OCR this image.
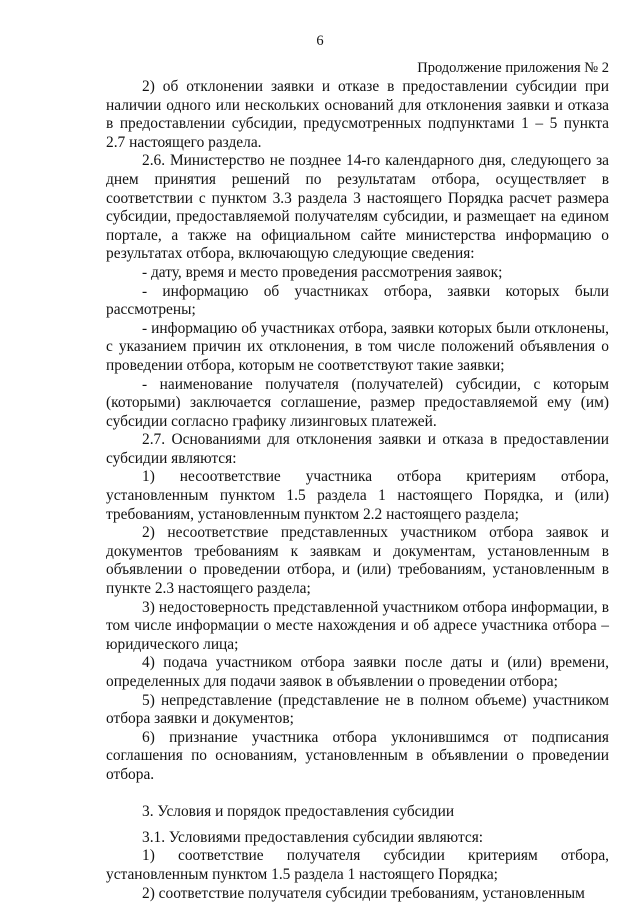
6
Продолжение приложения № 2

2) об отклонении заявки и отказе в предоставлении субсидии при наличии одного или нескольких оснований для отклонения заявки и отказа в предоставлении субсидии, предусмотренных подпунктами 1 – 5 пункта 2.7 настоящего раздела.

2.6. Министерство не позднее 14-го календарного дня, следующего за днем принятия решений по результатам отбора, осуществляет в соответствии с пунктом 3.3 раздела 3 настоящего Порядка расчет размера субсидии, предоставляемой получателям субсидии, и размещает на едином портале, а также на официальном сайте министерства информацию о результатах отбора, включающую следующие сведения:

- дату, время и место проведения рассмотрения заявок;

- информацию об участниках отбора, заявки которых были рассмотрены;

- информацию об участниках отбора, заявки которых были отклонены, с указанием причин их отклонения, в том числе положений объявления о проведении отбора, которым не соответствуют такие заявки;

- наименование получателя (получателей) субсидии, с которым (которыми) заключается соглашение, размер предоставляемой ему (им) субсидии согласно графику лизинговых платежей.

2.7. Основаниями для отклонения заявки и отказа в предоставлении субсидии являются:

1) несоответствие участника отбора критериям отбора, установленным пунктом 1.5 раздела 1 настоящего Порядка, и (или) требованиям, установленным пунктом 2.2 настоящего раздела;

2) несоответствие представленных участником отбора заявок и документов требованиям к заявкам и документам, установленным в объявлении о проведении отбора, и (или) требованиям, установленным в пункте 2.3 настоящего раздела;

3) недостоверность представленной участником отбора информации, в том числе информации о месте нахождения и об адресе участника отбора – юридического лица;

4) подача участником отбора заявки после даты и (или) времени, определенных для подачи заявок в объявлении о проведении отбора;

5) непредставление (представление не в полном объеме) участником отбора заявки и документов;

6) признание участника отбора уклонившимся от подписания соглашения по основаниям, установленным в объявлении о проведении отбора.

3. Условия и порядок предоставления субсидии

3.1. Условиями предоставления субсидии являются:

1) соответствие получателя субсидии критериям отбора, установленным пунктом 1.5 раздела 1 настоящего Порядка;

2) соответствие получателя субсидии требованиям, установленным
